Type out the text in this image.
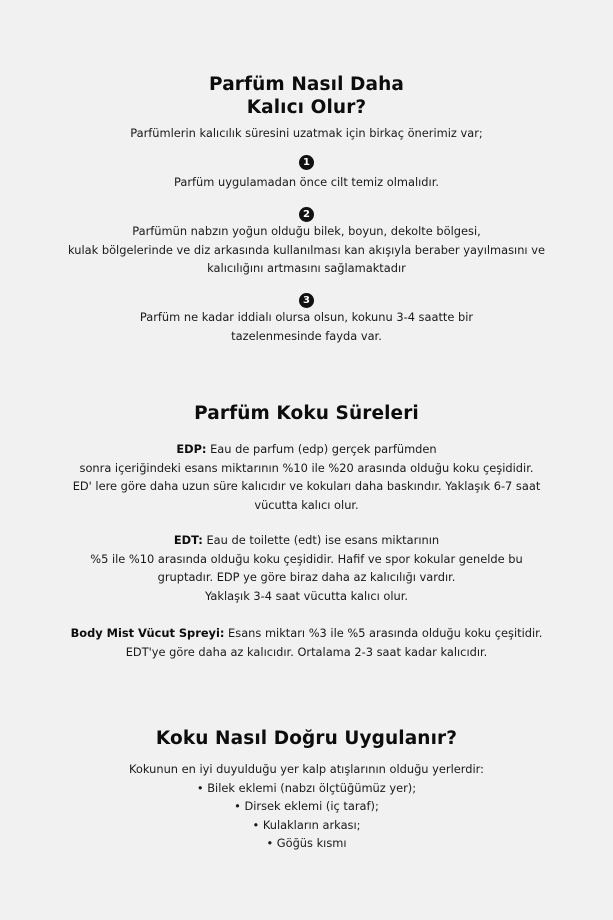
Parfüm Nasıl Daha
Kalıcı Olur?
Parfümlerin kalıcılık süresini uzatmak için birkaç önerimiz var;
1
Parfüm uygulamadan önce cilt temiz olmalıdır.
2
Parfümün nabzın yoğun olduğu bilek, boyun, dekolte bölgesi,
kulak bölgelerinde ve diz arkasında kullanılması kan akışıyla beraber yayılmasını ve
kalıcılığını artmasını sağlamaktadır
3
Parfüm ne kadar iddialı olursa olsun, kokunu 3-4 saatte bir
tazelenmesinde fayda var.
Parfüm Koku Süreleri
EDP: Eau de parfum (edp) gerçek parfümden
sonra içeriğindeki esans miktarının %10 ile %20 arasında olduğu koku çeşididir.
ED' lere göre daha uzun süre kalıcıdır ve kokuları daha baskındır. Yaklaşık 6-7 saat
vücutta kalıcı olur.
EDT: Eau de toilette (edt) ise esans miktarının
%5 ile %10 arasında olduğu koku çeşididir. Hafif ve spor kokular genelde bu
gruptadır. EDP ye göre biraz daha az kalıcılığı vardır.
Yaklaşık 3-4 saat vücutta kalıcı olur.
Body Mist Vücut Spreyi: Esans miktarı %3 ile %5 arasında olduğu koku çeşitidir.
EDT'ye göre daha az kalıcıdır. Ortalama 2-3 saat kadar kalıcıdır.
Koku Nasıl Doğru Uygulanır?
Kokunun en iyi duyulduğu yer kalp atışlarının olduğu yerlerdir:
• Bilek eklemi (nabzı ölçtüğümüz yer);
• Dirsek eklemi (iç taraf);
• Kulakların arkası;
• Göğüs kısmı
